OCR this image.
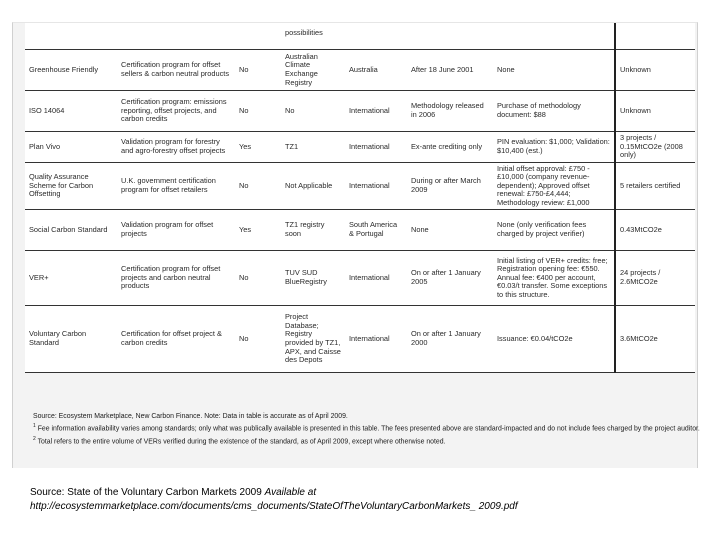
			possibilities				
Greenhouse Friendly	Certification program for offset sellers & carbon neutral products	No	Australian Climate Exchange Registry	Australia	After 18 June 2001	None	Unknown
ISO 14064	Certification program: emissions reporting, offset projects, and carbon credits	No	No	International	Methodology released in 2006	Purchase of methodology document: $88	Unknown
Plan Vivo	Validation program for forestry and agro-forestry offset projects	Yes	TZ1	International	Ex-ante crediting only	PIN evaluation: $1,000; Validation: $10,400 (est.)	3 projects / 0.15MtCO2e (2008 only)
Quality Assurance Scheme for Carbon Offsetting	U.K. government certification program for offset retailers	No	Not Applicable	International	During or after March 2009	Initial offset approval: £750 -£10,000 (company revenue-dependent); Approved offset renewal: £750-£4,444; Methodology review: £1,000	5 retailers certified
Social Carbon Standard	Validation program for offset projects	Yes	TZ1 registry soon	South America & Portugal	None	None (only verification fees charged by project verifier)	0.43MtCO2e
VER+	Certification program for offset projects and carbon neutral products	No	TUV SUD BlueRegistry	International	On or after 1 January 2005	Initial listing of VER+ credits: free; Registration opening fee: €550. Annual fee: €400 per account, €0.03/t transfer. Some exceptions to this structure.	24 projects / 2.6MtCO2e
Voluntary Carbon Standard	Certification for offset project & carbon credits	No	Project Database; Registry provided by TZ1, APX, and Caisse des Depots	International	On or after 1 January 2000	Issuance: €0.04/tCO2e	3.6MtCO2e

Source: Ecosystem Marketplace, New Carbon Finance. Note: Data in table is accurate as of April 2009.

$^1$ Fee information availability varies among standards; only what was publically available is presented in this table. The fees presented above are standard-impacted and do not include fees charged by the project auditor.

$^2$ Total refers to the entire volume of VERs verified during the existence of the standard, as of April 2009, except where otherwise noted.

Source: State of the Voluntary Carbon Markets 2009 Available at http://ecosystemmarketplace.com/documents/cms_documents/StateOfTheVoluntaryCarbonMarkets_ 2009.pdf
